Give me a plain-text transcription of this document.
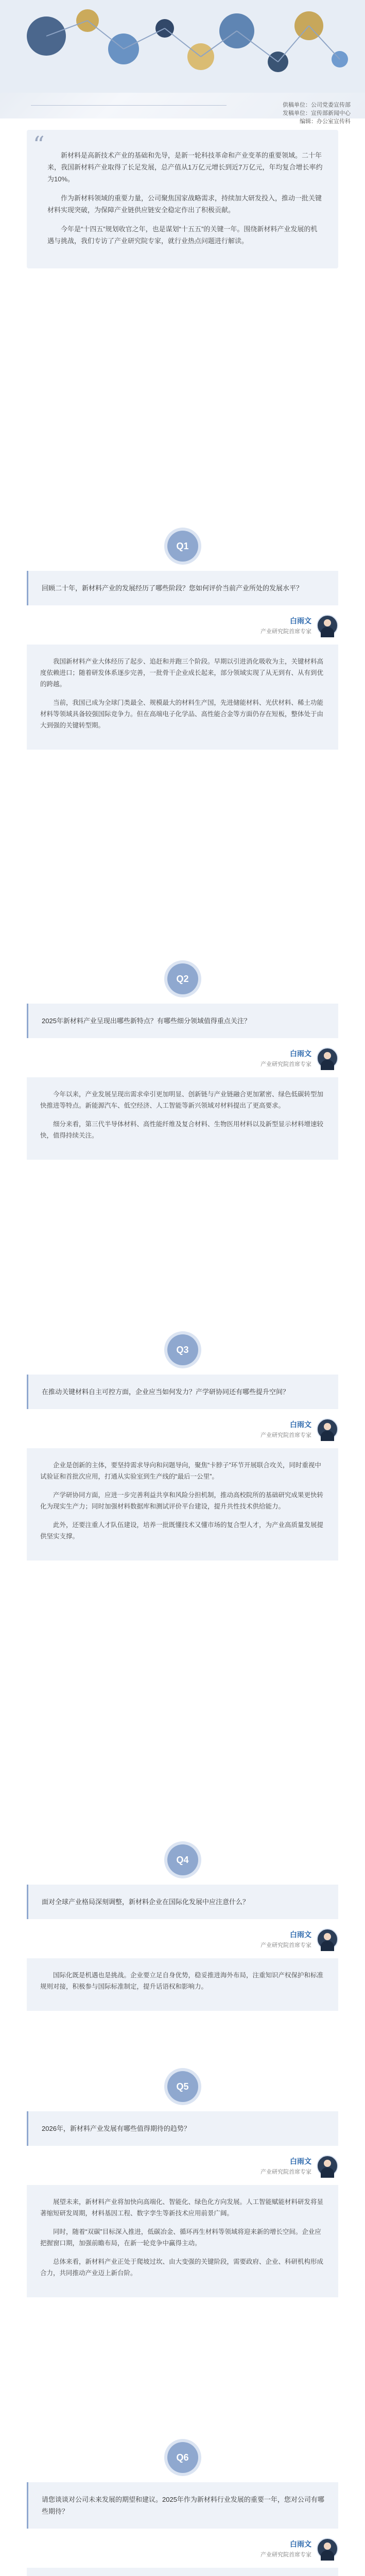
供稿单位：公司党委宣传部
发稿单位：宣传部新闻中心
编辑：办公室宣传科
“	新材料是高新技术产业的基础和先导，是新一轮科技革命和产业变革的重要领域。二十年来，我国新材料产业取得了长足发展，总产值从1万亿元增长到近7万亿元，年均复合增长率约为10%。

作为新材料领域的重要力量，公司聚焦国家战略需求，持续加大研发投入，推动一批关键材料实现突破，为保障产业链供应链安全稳定作出了积极贡献。

今年是“十四五”规划收官之年，也是谋划“十五五”的关键一年。围绕新材料产业发展的机遇与挑战，我们专访了产业研究院专家，就行业热点问题进行解读。

Q1
回顾二十年，新材料产业的发展经历了哪些阶段？您如何评价当前产业所处的发展水平？
白雨文
产业研究院首席专家

我国新材料产业大体经历了起步、追赶和并跑三个阶段。早期以引进消化吸收为主，关键材料高度依赖进口；随着研发体系逐步完善，一批骨干企业成长起来，部分领域实现了从无到有、从有到优的跨越。

当前，我国已成为全球门类最全、规模最大的材料生产国，先进储能材料、光伏材料、稀土功能材料等领域具备较强国际竞争力。但在高端电子化学品、高性能合金等方面仍存在短板，整体处于由大到强的关键转型期。

Q2
2025年新材料产业呈现出哪些新特点？有哪些细分领域值得重点关注？
白雨文
产业研究院首席专家

今年以来，产业发展呈现出需求牵引更加明显、创新链与产业链融合更加紧密、绿色低碳转型加快推进等特点。新能源汽车、低空经济、人工智能等新兴领域对材料提出了更高要求。

细分来看，第三代半导体材料、高性能纤维及复合材料、生物医用材料以及新型显示材料增速较快，值得持续关注。

Q3
在推动关键材料自主可控方面，企业应当如何发力？产学研协同还有哪些提升空间？
白雨文
产业研究院首席专家

企业是创新的主体，要坚持需求导向和问题导向，聚焦“卡脖子”环节开展联合攻关，同时重视中试验证和首批次应用，打通从实验室到生产线的“最后一公里”。

产学研协同方面，应进一步完善利益共享和风险分担机制，推动高校院所的基础研究成果更快转化为现实生产力；同时加强材料数据库和测试评价平台建设，提升共性技术供给能力。

此外，还要注重人才队伍建设，培养一批既懂技术又懂市场的复合型人才，为产业高质量发展提供坚实支撑。

Q4
面对全球产业格局深刻调整，新材料企业在国际化发展中应注意什么？
白雨文
产业研究院首席专家

国际化既是机遇也是挑战。企业要立足自身优势，稳妥推进海外布局，注重知识产权保护和标准规则对接，积极参与国际标准制定，提升话语权和影响力。

Q5
2026年，新材料产业发展有哪些值得期待的趋势？
白雨文
产业研究院首席专家

展望未来，新材料产业将加快向高端化、智能化、绿色化方向发展。人工智能赋能材料研发将显著缩短研发周期，材料基因工程、数字孪生等新技术应用前景广阔。

同时，随着“双碳”目标深入推进，低碳冶金、循环再生材料等领域将迎来新的增长空间。企业应把握窗口期，加强前瞻布局，在新一轮竞争中赢得主动。

总体来看，新材料产业正处于爬坡过坎、由大变强的关键阶段，需要政府、企业、科研机构形成合力，共同推动产业迈上新台阶。

Q6
请您谈谈对公司未来发展的期望和建议。2025年作为新材料行业发展的重要一年，您对公司有哪些期待？
白雨文
产业研究院首席专家
